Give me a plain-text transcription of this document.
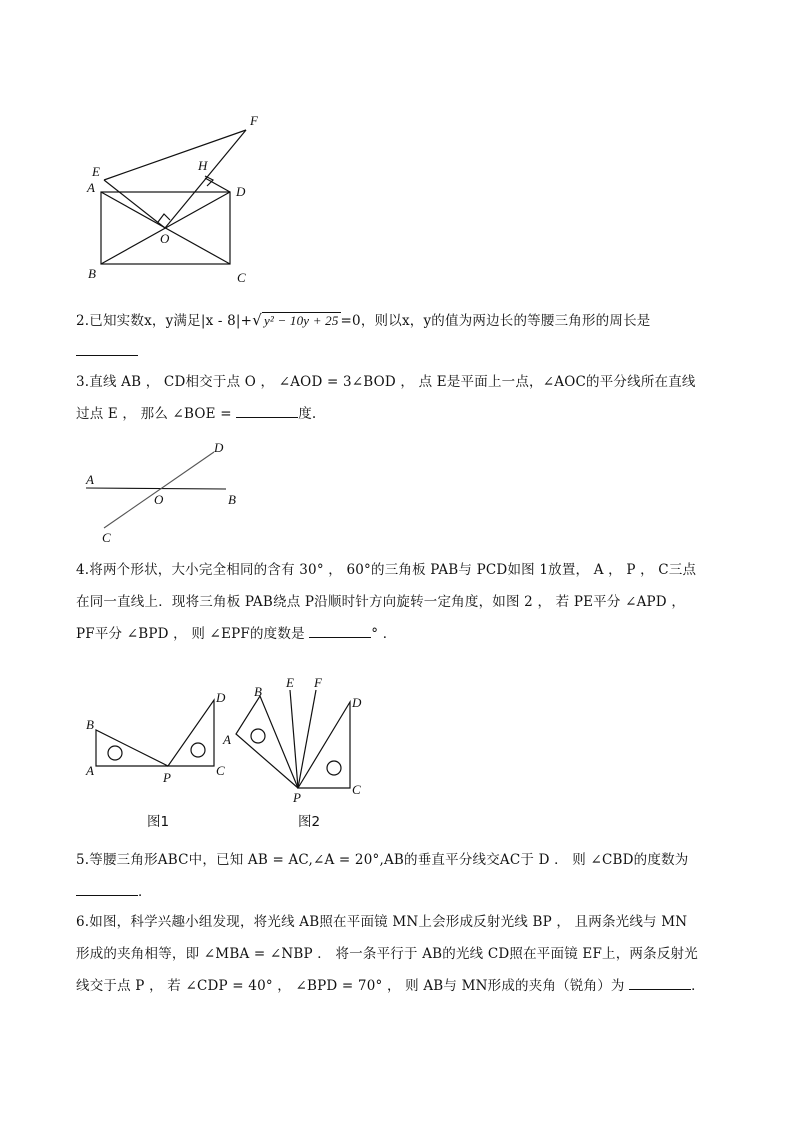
F
E	H
A	D
O
B	C
2.已知实数x，y满足|x - 8|+√ y² − 10y + 25 =0，则以x，y的值为两边长的等腰三角形的周长是
3.直线 AB ， CD相交于点 O ， ∠AOD = 3∠BOD ， 点 E是平面上一点，∠AOC的平分线所在直线
过点 E ， 那么 ∠BOE =	度.
A
O	B
C
D
4.将两个形状，大小完全相同的含有 30° ， 60°的三角板 PAB与 PCD如图 1放置， A ， P ， C三点
在同一直线上．现将三角板 PAB绕点 P沿顺时针方向旋转一定角度，如图 2 ， 若 PE平分 ∠APD ，
PF平分 ∠BPD ， 则 ∠EPF的度数是	° ．
B
A	P
D
C
图1
B
E F
D
A
P
C
图2
5.等腰三角形ABC中，已知 AB = AC,∠A = 20°,AB的垂直平分线交AC于 D ． 则 ∠CBD的度数为
．
6.如图，科学兴趣小组发现，将光线 AB照在平面镜 MN上会形成反射光线 BP ， 且两条光线与 MN
形成的夹角相等，即 ∠MBA = ∠NBP ． 将一条平行于 AB的光线 CD照在平面镜 EF上，两条反射光
线交于点 P ， 若 ∠CDP = 40° ， ∠BPD = 70° ， 则 AB与 MN形成的夹角（锐角）为	．
